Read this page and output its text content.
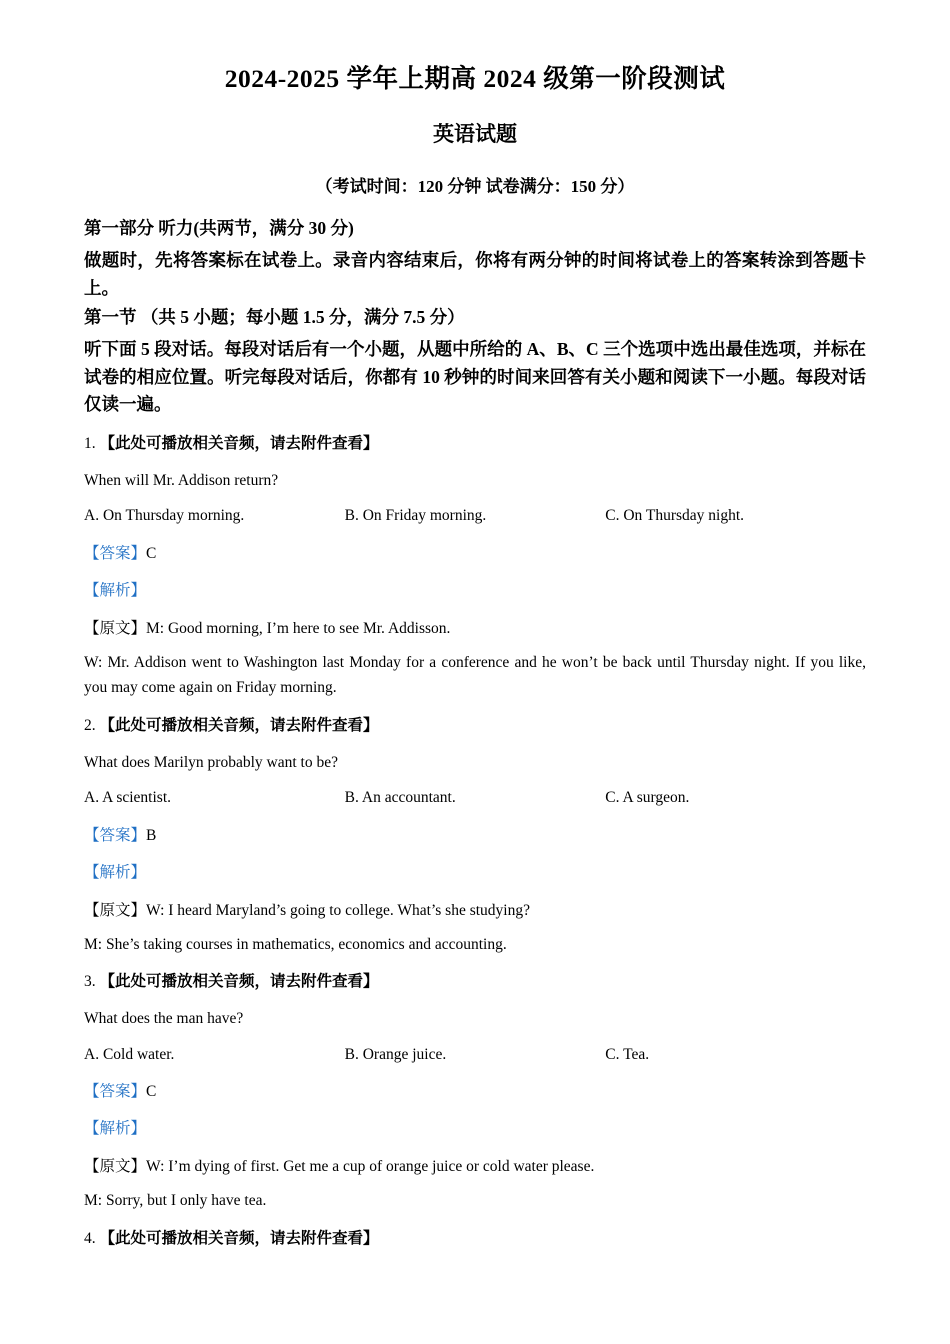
2024-2025 学年上期高 2024 级第一阶段测试
英语试题
（考试时间：120 分钟 试卷满分：150 分）
第一部分 听力(共两节，满分 30 分)
做题时，先将答案标在试卷上。录音内容结束后，你将有两分钟的时间将试卷上的答案转涂到答题卡上。
第一节 （共 5 小题；每小题 1.5 分，满分 7.5 分）
听下面 5 段对话。每段对话后有一个小题，从题中所给的 A、B、C 三个选项中选出最佳选项，并标在试卷的相应位置。听完每段对话后，你都有 10 秒钟的时间来回答有关小题和阅读下一小题。每段对话仅读一遍。
1. 【此处可播放相关音频，请去附件查看】
When will Mr. Addison return?
A. On Thursday morning.	B. On Friday morning.	C. On Thursday night.
【答案】C
【解析】
【原文】M: Good morning, I’m here to see Mr. Addisson.
W: Mr. Addison went to Washington last Monday for a conference and he won’t be back until Thursday night. If you like, you may come again on Friday morning.
2. 【此处可播放相关音频，请去附件查看】
What does Marilyn probably want to be?
A. A scientist.	B. An accountant.	C. A surgeon.
【答案】B
【解析】
【原文】W: I heard Maryland’s going to college. What’s she studying?
M: She’s taking courses in mathematics, economics and accounting.
3. 【此处可播放相关音频，请去附件查看】
What does the man have?
A. Cold water.	B. Orange juice.	C. Tea.
【答案】C
【解析】
【原文】W: I’m dying of first. Get me a cup of orange juice or cold water please.
M: Sorry, but I only have tea.
4. 【此处可播放相关音频，请去附件查看】
